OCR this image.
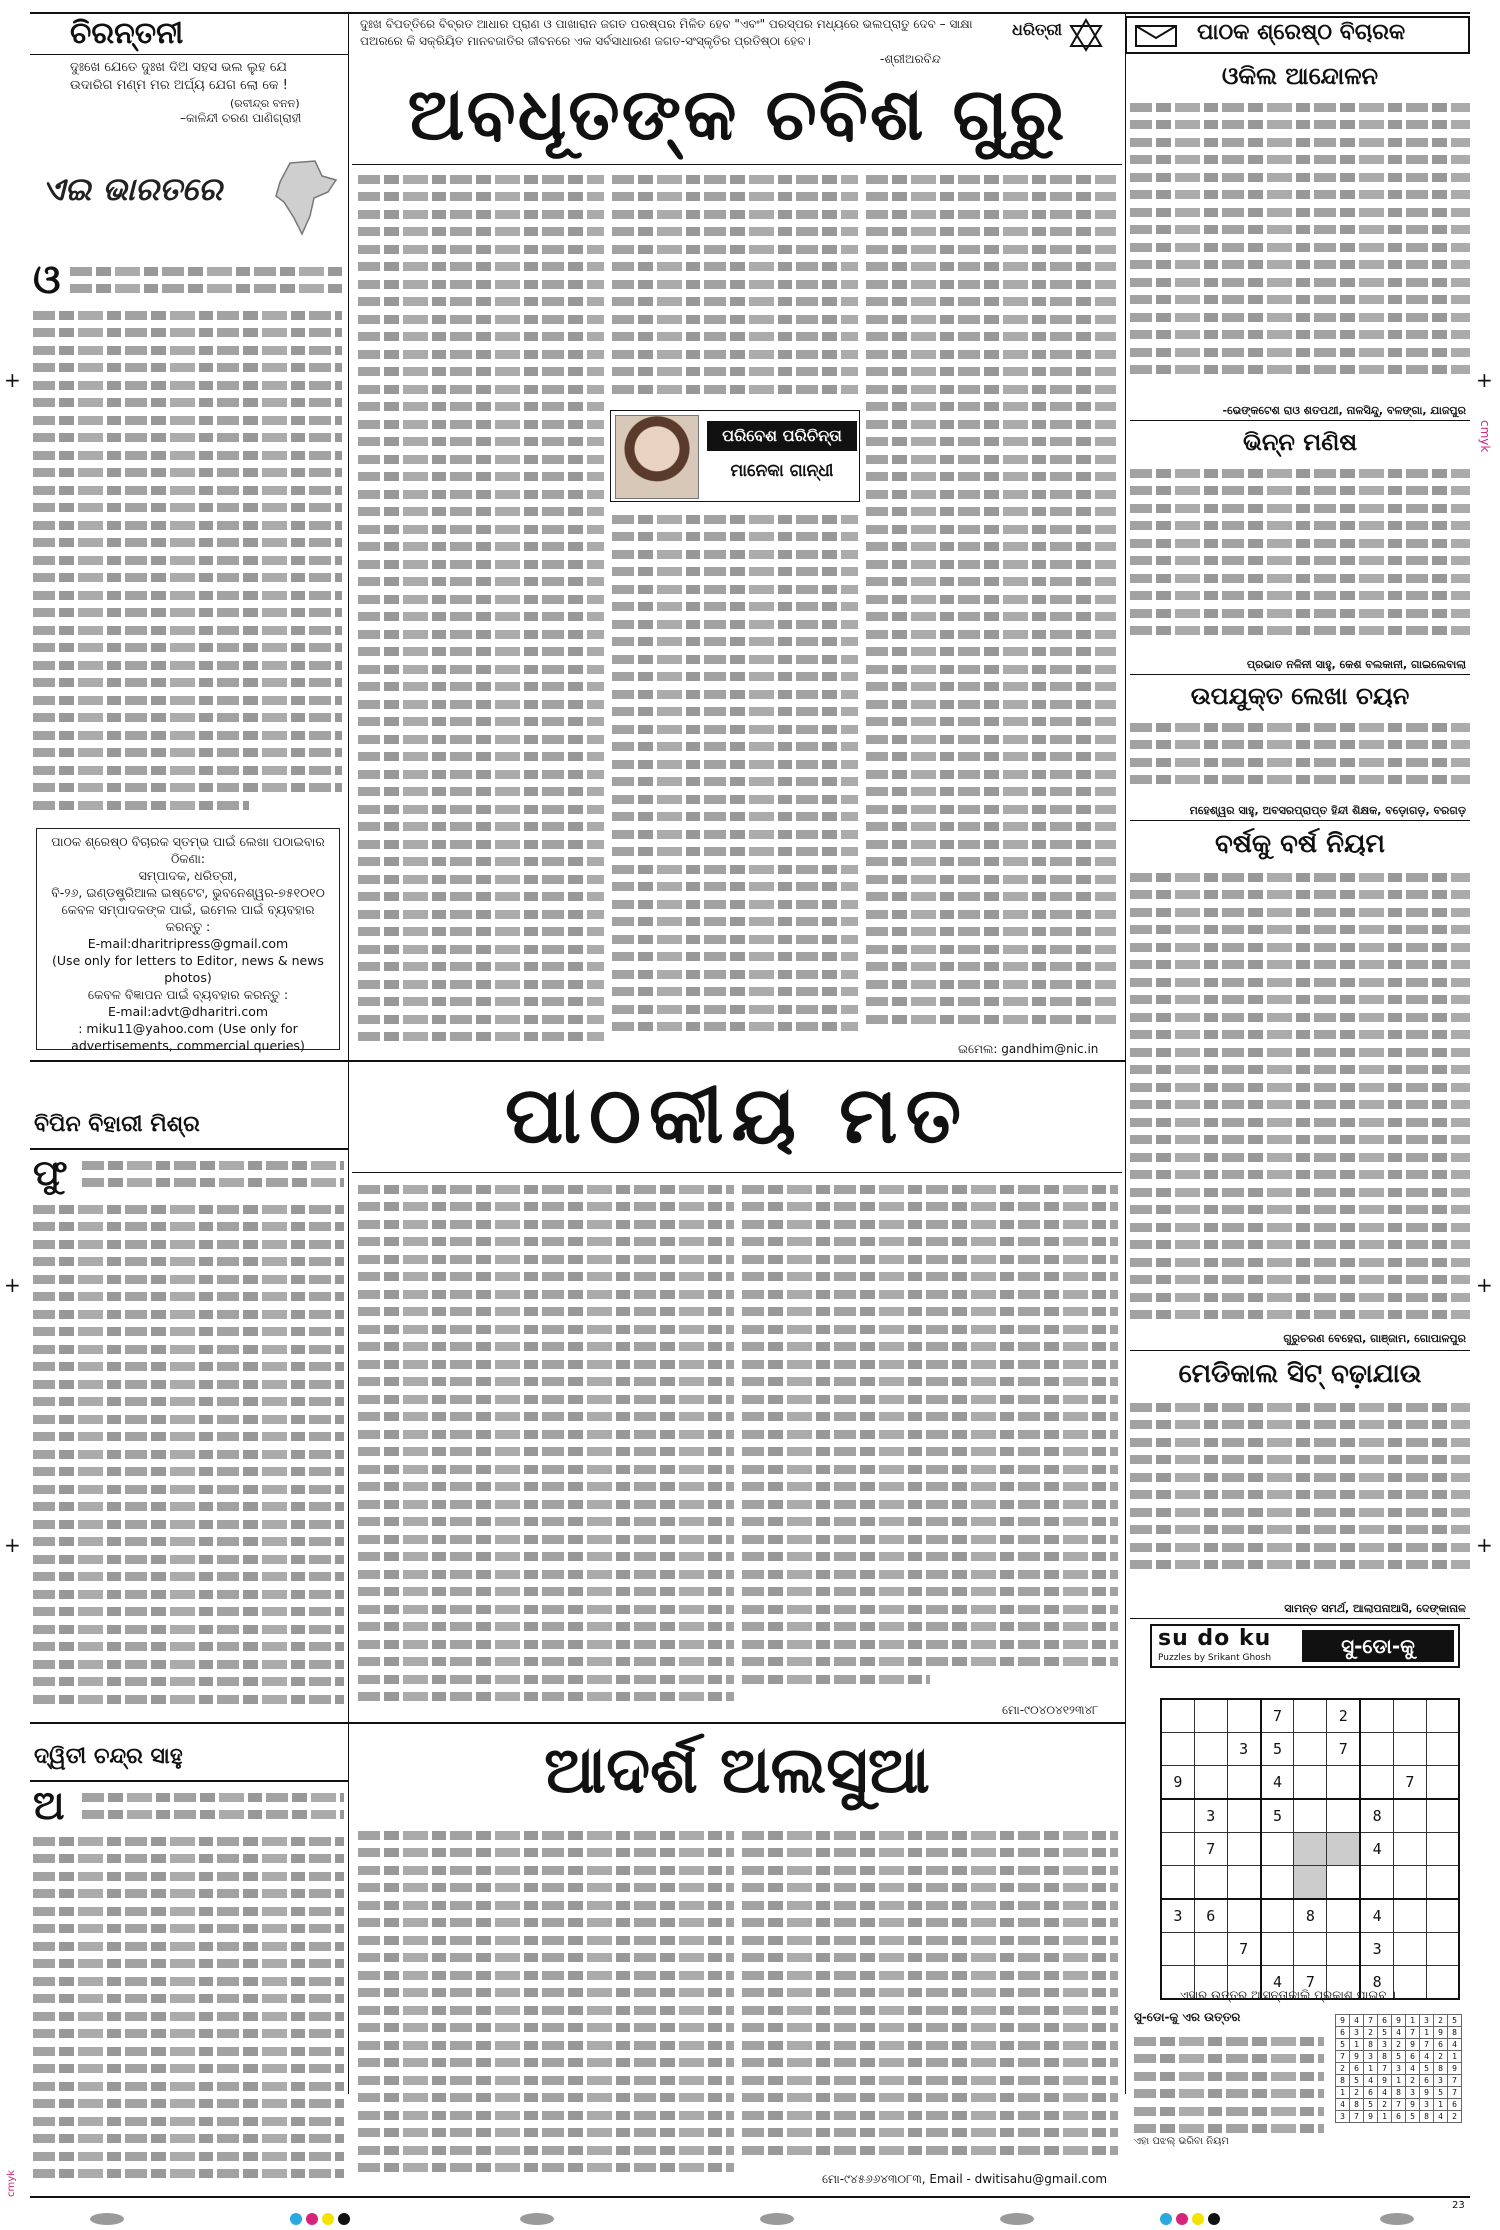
ଚିରନ୍ତନୀ
ଦୁଃଖେ ଯେତେ ଦୁଃଖ ଦିଅ ସହସ ଭଲ ଲୁହ ଯେ
ଉଦାରିଗ ମଣ୍ମ ମର ଅର୍ଘ୍ୟ ଯେଗ ଲୋ କେ !
(ରବୀନ୍ଦ୍ର ବନନ)
–କାଳିନ୍ଦୀ ଚରଣ ପାଣିଗ୍ରାହୀ
ଦୁଃଖ ବିପତ୍ତିରେ ବିବ୍ରତ ଆଧାର ପ୍ରାଣ ଓ ପାଖାରାନ ଜଗତ ପରଷ୍ପର ମିଳିତ ହେବ "ଏବଂ" ପରସ୍ପର ମଧ୍ୟରେ ଭଲପ୍ରାତୁ ଦେବ – ସାକ୍ଷା
ପଅରରେ କି ସକ୍ରିୟିତ ମାନବଜାତିର ଜୀବନରେ ଏକ ସର୍ବସାଧାରଣ ଜଗତ-ସଂସ୍କୃତିର ପ୍ରତିଷ୍ଠା ହେବ।
-ଶ୍ରୀଅରବିନ୍ଦ
ଧରିତ୍ରୀ	ପାଠକ ଶ୍ରେଷ୍ଠ ବିଚାରକ
ଏଇ ଭାରତରେ
ଓ
ପାଠକ ଶ୍ରେଷ୍ଠ ବିଚାରକ ସ୍ତମ୍ଭ ପାଇଁ ଲେଖା ପଠାଇବାର ଠିକଣା:
ସମ୍ପାଦକ, ଧରିତ୍ରୀ,
ବି-୨୬, ଇଣ୍ଡଷ୍ଟ୍ରିଆଲ ଇଷ୍ଟେଟ, ଭୁବନେଶ୍ୱର-୭୫୧୦୧୦
କେବଳ ସମ୍ପାଦକଙ୍କ ପାଇଁ, ଇମେଲ ପାଇଁ ବ୍ୟବହାର କରନ୍ତୁ :
E-mail:dharitripress@gmail.com
(Use only for letters to Editor, news & news photos)
କେବଳ ବିଜ୍ଞାପନ ପାଇଁ ବ୍ୟବହାର କରନ୍ତୁ :
E-mail:advt@dharitri.com
: miku11@yahoo.com (Use only for advertisements, commercial queries)
ଅବଧୂତଙ୍କ ଚବିଶ ଗୁରୁ
ପରିବେଶ ପରିଚିନ୍ତା
ମାନେକା ଗାନ୍ଧୀ
ଇମେଲ: gandhim@nic.in
ଓକିଲ ଆନ୍ଦୋଳନ
-ଭେଙ୍କଟେଶ ରାଓ ଶତପଥୀ, ନାଳସିନ୍ଦୁ, ବଳଙ୍ଗା, ଯାଜପୁର
ଭିନ୍ନ ମଣିଷ
ପ୍ରଭାତ ନଳିନୀ ସାହୁ, କେଶ ବଲକାନୀ, ଗାଇଲେବାଲା
ଉପଯୁକ୍ତ ଲେଖା ଚୟନ
ମହେଶ୍ୱର ସାହୁ, ଅବସରପ୍ରାପ୍ତ ହିନ୍ଦୀ ଶିକ୍ଷକ, ବଡ଼ୋଗଡ଼, ବରଗଡ଼
ବର୍ଷକୁ ବର୍ଷ ନିୟମ
ଗୁରୁଚରଣ ବେହେରା, ଗାଞ୍ଜାମ, ଗୋପାଳପୁର
ମେଡିକାଲ ସିଟ୍ ବଢ଼ାଯାଉ
ସାମନ୍ତ ସମର୍ଥ, ଆଲାପନାଆସି, ଦେଙ୍କାନାଳ
su do ku
Puzzles by Srikant Ghosh	ସୁ-ଡୋ-କୁ
			7		2			
		3	5		7			
9			4				7	
	3		5			8		
	7					4		

3	6			8		4		
		7				3		
			4	7		8		
ଏହାର ଉତ୍ତର ଆସନ୍ତାକାଲି ପ୍ରକାଶ ପାଇବ ।
ସୁ-ଡୋ-କୁ ଏର ଉତ୍ତର	9	4	7	6	9	1	3	2	5
6	3	2	5	4	7	1	9	8
5	1	8	3	2	9	7	6	4
7	9	3	8	5	6	4	2	1
2	6	1	7	3	4	5	8	9
8	5	4	9	1	2	6	3	7
1	2	6	4	8	3	9	5	7
4	8	5	2	7	9	3	1	6
3	7	9	1	6	5	8	4	2
ଏହା ପଝଲ୍ ଭରିବା ନିୟମ
ବିପିନ ବିହାରୀ ମିଶ୍ର	ପାଠକୀୟ ମତ
ଫୁ
ମୋ-୯୦୪୦୪୧୨୩୪୮
ଦ୍ୱିତୀ ଚନ୍ଦ୍ର ସାହୁ	ଆଦର୍ଶ ଅଲସୁଆ
ଅ
ମୋ-୯୪୫୬୬୪୩୦୮୩, Email - dwitisahu@gmail.com
cmyk
23
cmyk
+	+
+	+
+	+
